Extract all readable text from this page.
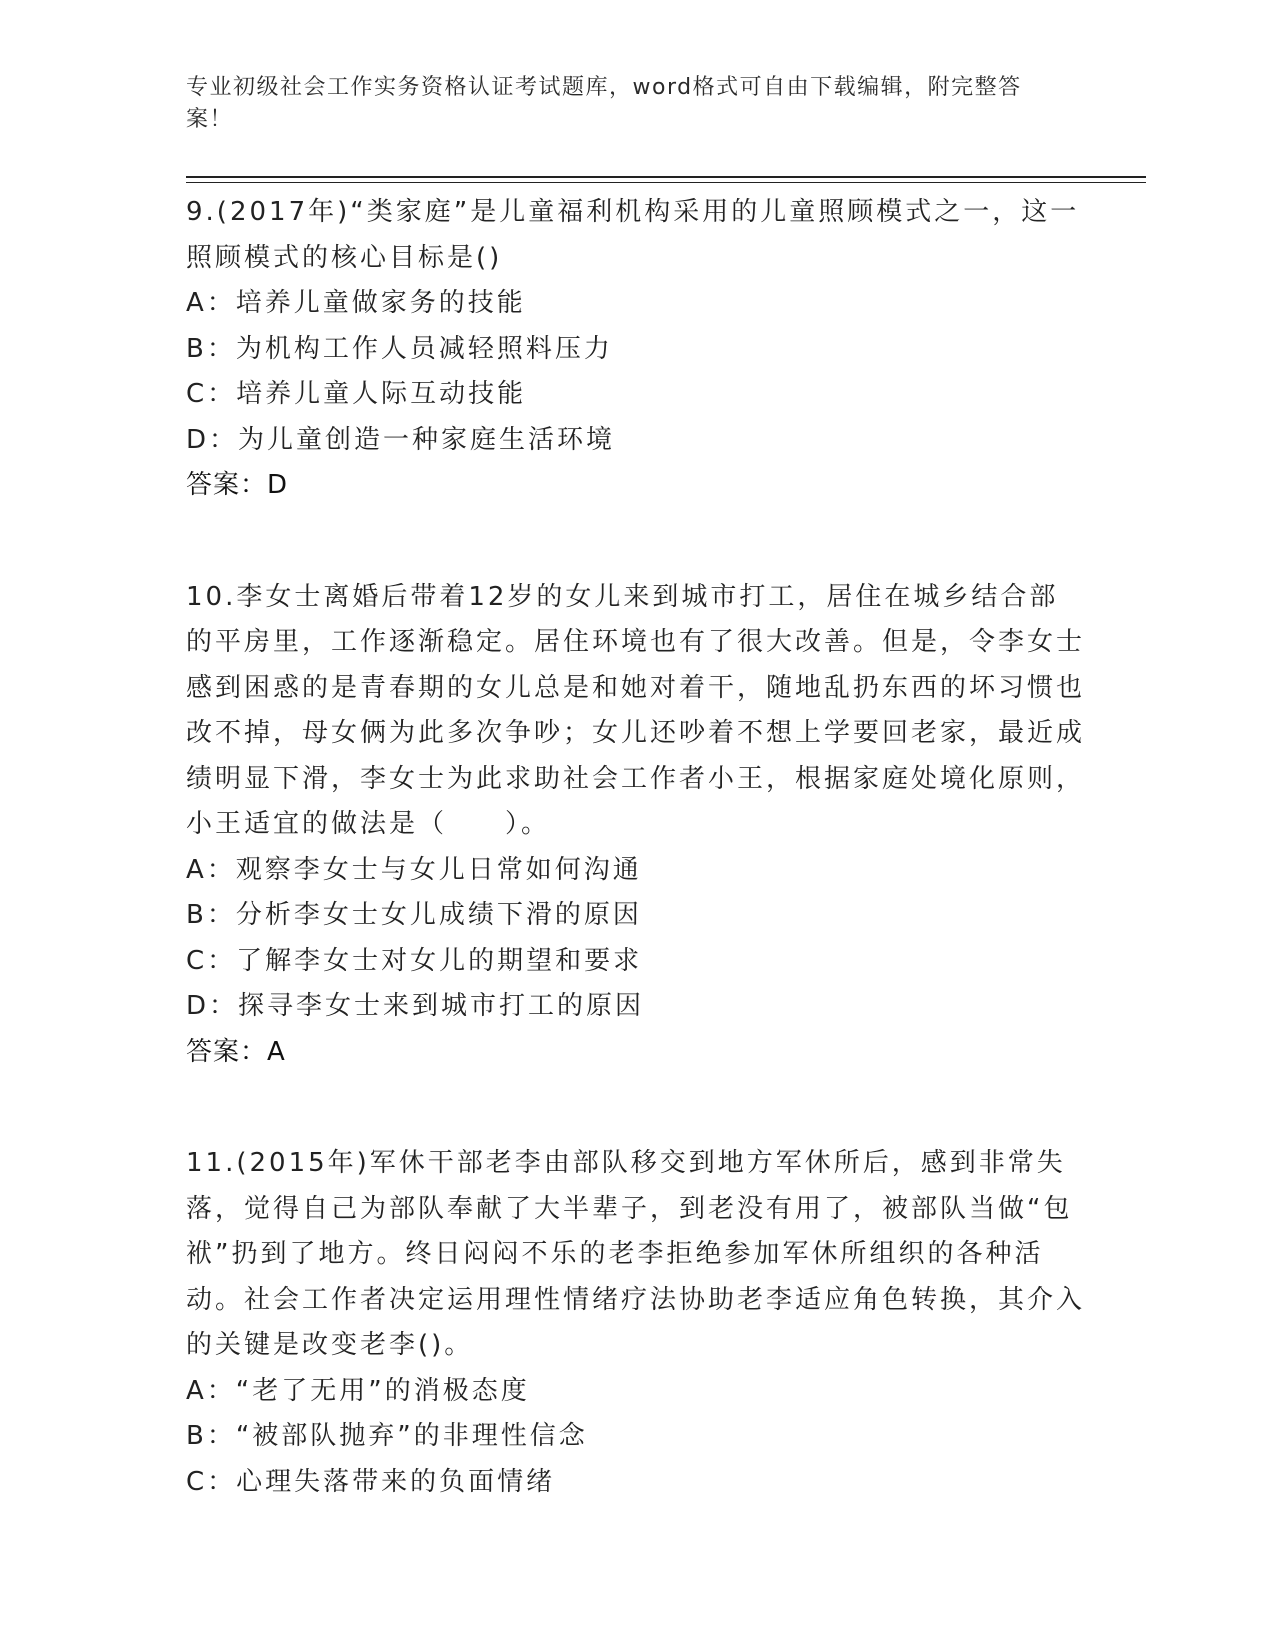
专业初级社会工作实务资格认证考试题库，word格式可自由下载编辑，附完整答案！

9.(2017年)“类家庭”是儿童福利机构采用的儿童照顾模式之一，这一照顾模式的核心目标是()

A：培养儿童做家务的技能

B：为机构工作人员减轻照料压力

C：培养儿童人际互动技能

D：为儿童创造一种家庭生活环境

答案：D

10.李女士离婚后带着12岁的女儿来到城市打工，居住在城乡结合部的平房里，工作逐渐稳定。居住环境也有了很大改善。但是，令李女士感到困惑的是青春期的女儿总是和她对着干，随地乱扔东西的坏习惯也改不掉，母女俩为此多次争吵；女儿还吵着不想上学要回老家，最近成绩明显下滑，李女士为此求助社会工作者小王，根据家庭处境化原则，小王适宜的做法是（　　）。

A：观察李女士与女儿日常如何沟通

B：分析李女士女儿成绩下滑的原因

C：了解李女士对女儿的期望和要求

D：探寻李女士来到城市打工的原因

答案：A

11.(2015年)军休干部老李由部队移交到地方军休所后，感到非常失落，觉得自己为部队奉献了大半辈子，到老没有用了，被部队当做“包袱”扔到了地方。终日闷闷不乐的老李拒绝参加军休所组织的各种活动。社会工作者决定运用理性情绪疗法协助老李适应角色转换，其介入的关键是改变老李()。

A：“老了无用”的消极态度

B：“被部队抛弃”的非理性信念

C：心理失落带来的负面情绪
